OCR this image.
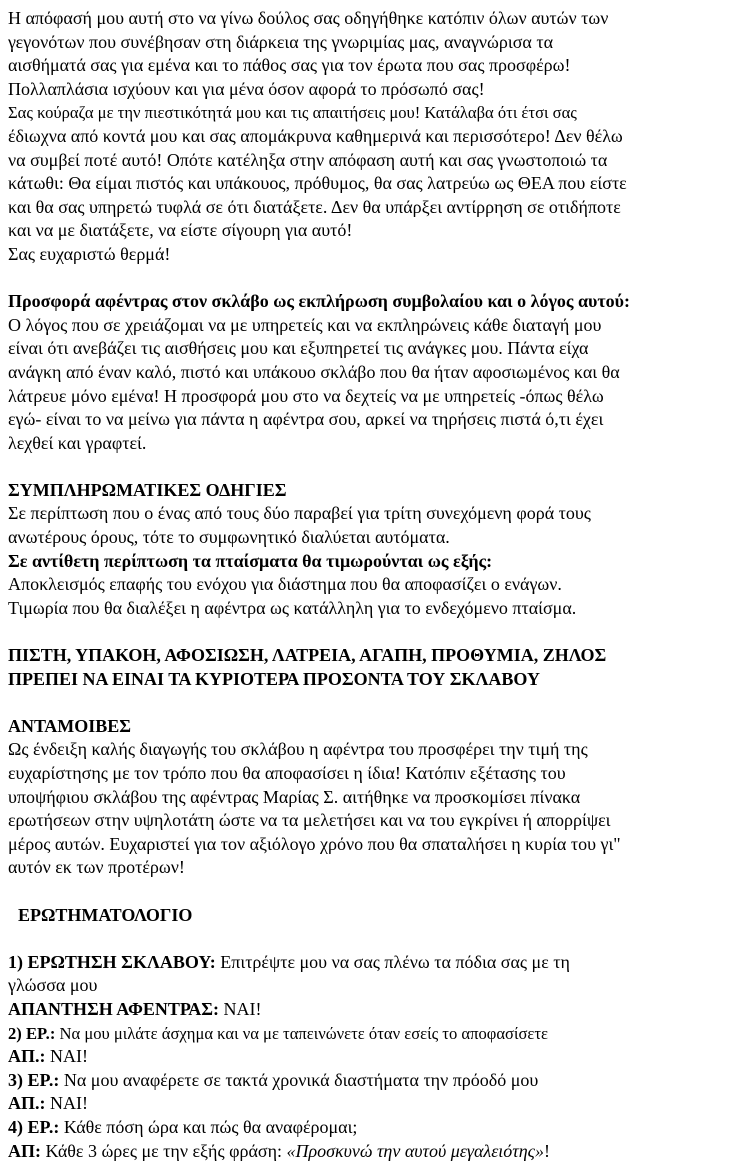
Η απόφασή μου αυτή στο να γίνω δούλος σας οδηγήθηκε κατόπιν όλων αυτών των
γεγονότων που συνέβησαν στη διάρκεια της γνωριμίας μας, αναγνώρισα τα
αισθήματά σας για εμένα και το πάθος σας για τον έρωτα που σας προσφέρω!
Πολλαπλάσια ισχύουν και για μένα όσον αφορά το πρόσωπό σας!
Σας κούραζα με την πιεστικότητά μου και τις απαιτήσεις μου! Κατάλαβα ότι έτσι σας
έδιωχνα από κοντά μου και σας απομάκρυνα καθημερινά και περισσότερο! Δεν θέλω
να συμβεί ποτέ αυτό! Οπότε κατέληξα στην απόφαση αυτή και σας γνωστοποιώ τα
κάτωθι: Θα είμαι πιστός και υπάκουος, πρόθυμος, θα σας λατρεύω ως ΘΕΑ που είστε
και θα σας υπηρετώ τυφλά σε ότι διατάξετε. Δεν θα υπάρξει αντίρρηση σε οτιδήποτε
και να με διατάξετε, να είστε σίγουρη για αυτό!
Σας ευχαριστώ θερμά!

Προσφορά αφέντρας στον σκλάβο ως εκπλήρωση συμβολαίου και ο λόγος αυτού:
Ο λόγος που σε χρειάζομαι να με υπηρετείς και να εκπληρώνεις κάθε διαταγή μου
είναι ότι ανεβάζει τις αισθήσεις μου και εξυπηρετεί τις ανάγκες μου. Πάντα είχα
ανάγκη από έναν καλό, πιστό και υπάκουο σκλάβο που θα ήταν αφοσιωμένος και θα
λάτρευε μόνο εμένα! Η προσφορά μου στο να δεχτείς να με υπηρετείς -όπως θέλω
εγώ- είναι το να μείνω για πάντα η αφέντρα σου, αρκεί να τηρήσεις πιστά ό,τι έχει
λεχθεί και γραφτεί.

ΣΥΜΠΛΗΡΩΜΑΤΙΚΕΣ ΟΔΗΓΙΕΣ
Σε περίπτωση που ο ένας από τους δύο παραβεί για τρίτη συνεχόμενη φορά τους
ανωτέρους όρους, τότε το συμφωνητικό διαλύεται αυτόματα.
Σε αντίθετη περίπτωση τα πταίσματα θα τιμωρούνται ως εξής:
Αποκλεισμός επαφής του ενόχου για διάστημα που θα αποφασίζει ο ενάγων.
Τιμωρία που θα διαλέξει η αφέντρα ως κατάλληλη για το ενδεχόμενο πταίσμα.

ΠΙΣΤΗ, ΥΠΑΚΟΗ, ΑΦΟΣΙΩΣΗ, ΛΑΤΡΕΙΑ, ΑΓΑΠΗ, ΠΡΟΘΥΜΙΑ, ΖΗΛΟΣ
ΠΡΕΠΕΙ ΝΑ ΕΙΝΑΙ ΤΑ ΚΥΡΙΟΤΕΡΑ ΠΡΟΣΟΝΤΑ ΤΟΥ ΣΚΛΑΒΟΥ

ΑΝΤΑΜΟΙΒΕΣ
Ως ένδειξη καλής διαγωγής του σκλάβου η αφέντρα του προσφέρει την τιμή της
ευχαρίστησης με τον τρόπο που θα αποφασίσει η ίδια! Κατόπιν εξέτασης του
υποψήφιου σκλάβου της αφέντρας Μαρίας Σ. αιτήθηκε να προσκομίσει πίνακα
ερωτήσεων στην υψηλοτάτη ώστε να τα μελετήσει και να του εγκρίνει ή απορρίψει
μέρος αυτών. Ευχαριστεί για τον αξιόλογο χρόνο που θα σπαταλήσει η κυρία του γι"
αυτόν εκ των προτέρων!

ΕΡΩΤΗΜΑΤΟΛΟΓΙΟ

1) ΕΡΩΤΗΣΗ ΣΚΛΑΒΟΥ: Επιτρέψτε μου να σας πλένω τα πόδια σας με τη
γλώσσα μου
ΑΠΑΝΤΗΣΗ ΑΦΕΝΤΡΑΣ: ΝΑΙ!
2) ΕΡ.: Να μου μιλάτε άσχημα και να με ταπεινώνετε όταν εσείς το αποφασίσετε
ΑΠ.: ΝΑΙ!
3) ΕΡ.: Να μου αναφέρετε σε τακτά χρονικά διαστήματα την πρόοδό μου
ΑΠ.: ΝΑΙ!
4) ΕΡ.: Κάθε πόση ώρα και πώς θα αναφέρομαι;
ΑΠ: Κάθε 3 ώρες με την εξής φράση: «Προσκυνώ την αυτού μεγαλειότης»!
